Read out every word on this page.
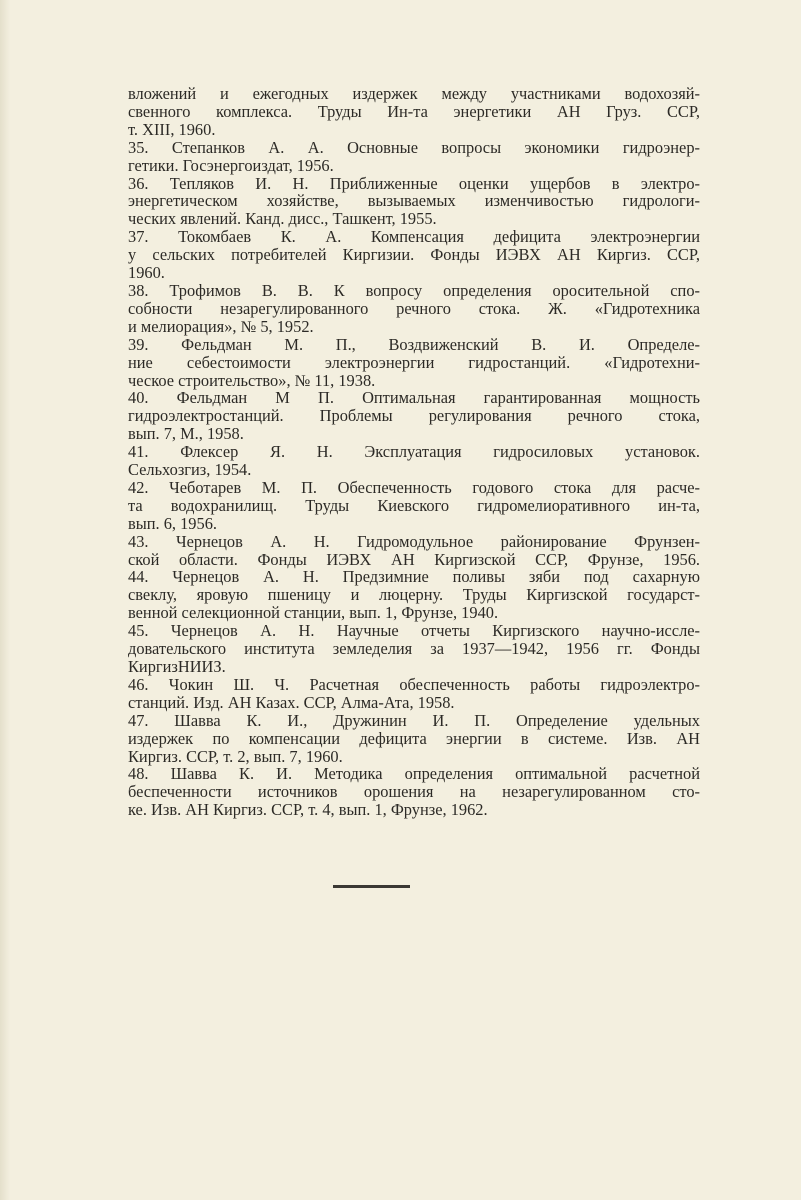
вложений и ежегодных издержек между участниками водохозяй-
свенного комплекса. Труды Ин-та энергетики АН Груз. ССР,
т. XIII, 1960.
35. Степанков А. А. Основные вопросы экономики гидроэнер-
гетики. Госэнергоиздат, 1956.
36. Тепляков И. Н. Приближенные оценки ущербов в электро-
энергетическом хозяйстве, вызываемых изменчивостью гидрологи-
ческих явлений. Канд. дисс., Ташкент, 1955.
37. Токомбаев К. А. Компенсация дефицита электроэнергии
у сельских потребителей Киргизии. Фонды ИЭВХ АН Киргиз. ССР,
1960.
38. Трофимов В. В. К вопросу определения оросительной спо-
собности незарегулированного речного стока. Ж. «Гидротехника
и мелиорация», № 5, 1952.
39. Фельдман М. П., Воздвиженский В. И. Определе-
ние себестоимости электроэнергии гидростанций. «Гидротехни-
ческое строительство», № 11, 1938.
40. Фельдман М П. Оптимальная гарантированная мощность
гидроэлектростанций. Проблемы регулирования речного стока,
вып. 7, М., 1958.
41. Флексер Я. Н. Эксплуатация гидросиловых установок.
Сельхозгиз, 1954.
42. Чеботарев М. П. Обеспеченность годового стока для расче-
та водохранилищ. Труды Киевского гидромелиоративного ин-та,
вып. 6, 1956.
43. Чернецов А. Н. Гидромодульное районирование Фрунзен-
ской области. Фонды ИЭВХ АН Киргизской ССР, Фрунзе, 1956.
44. Чернецов А. Н. Предзимние поливы зяби под сахарную
свеклу, яровую пшеницу и люцерну. Труды Киргизской государст-
венной селекционной станции, вып. 1, Фрунзе, 1940.
45. Чернецов А. Н. Научные отчеты Киргизского научно-иссле-
довательского института земледелия за 1937—1942, 1956 гг. Фонды
КиргизНИИЗ.
46. Чокин Ш. Ч. Расчетная обеспеченность работы гидроэлектро-
станций. Изд. АН Казах. ССР, Алма-Ата, 1958.
47. Шавва К. И., Дружинин И. П. Определение удельных
издержек по компенсации дефицита энергии в системе. Изв. АН
Киргиз. ССР, т. 2, вып. 7, 1960.
48. Шавва К. И. Методика определения оптимальной расчетной
беспеченности источников орошения на незарегулированном сто-
ке. Изв. АН Киргиз. ССР, т. 4, вып. 1, Фрунзе, 1962.
